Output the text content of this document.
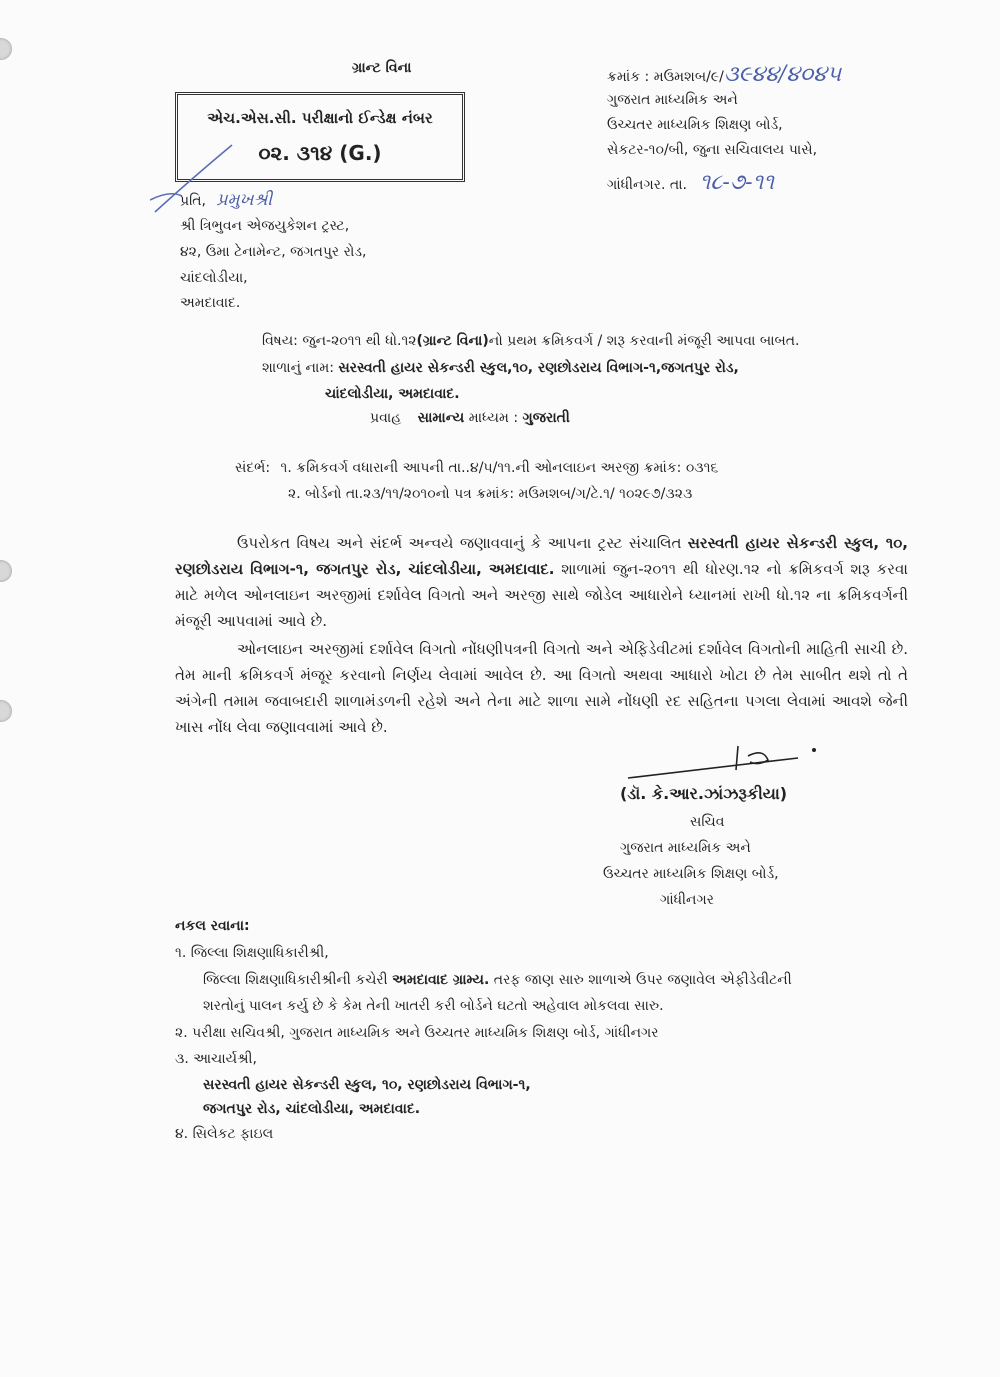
ગ્રાન્ટ વિના
એચ.એસ.સી. પરીક્ષાનો ઈન્ડેક્ષ નંબર
૦૨. ૩૧૪ (G.)
ક્રમાંક : મઉમશબ/૯/૩૯૪૪/૪૦૪૫
ગુજરાત માધ્યમિક અને
ઉચ્ચતર માધ્યમિક શિક્ષણ બોર્ડ,
સેકટર-૧૦/બી, જુના સચિવાલય પાસે,
ગાંધીનગર. તા. ૧૮-૭-૧૧
પ્રતિ, પ્રમુખશ્રી
શ્રી ત્રિભુવન એજયુકેશન ટ્રસ્ટ,
૪૨, ઉમા ટેનામેન્ટ, જગતપુર રોડ,
ચાંદલોડીયા,
અમદાવાદ.
વિષય: જુન-૨૦૧૧ થી ધો.૧૨(ગ્રાન્ટ વિના)નો પ્રથમ ક્રમિકવર્ગ / શરૂ કરવાની મંજૂરી આપવા બાબત.
શાળાનું નામ: સરસ્વતી હાયર સેકન્ડરી સ્કુલ,૧૦, રણછોડરાય વિભાગ-૧,જગતપુર રોડ,
ચાંદલોડીયા, અમદાવાદ.
પ્રવાહ સામાન્ય માધ્યમ : ગુજરાતી
સંદર્ભ: ૧. ક્રમિકવર્ગ વધારાની આપની તા..૪/૫/૧૧.ની ઓનલાઇન અરજી ક્રમાંક: ૦૩૧૬
૨. બોર્ડનો તા.૨૩/૧૧/૨૦૧૦નો પત્ર ક્રમાંક: મઉમશબ/ગ/ટે.૧/ ૧૦૨૯૭/૩૨૩
ઉપરોકત વિષય અને સંદર્ભ અન્વયે જણાવવાનું કે આપના ટ્રસ્ટ સંચાલિત સરસ્વતી હાયર સેકન્ડરી સ્કુલ, ૧૦, રણછોડરાય વિભાગ-૧, જગતપુર રોડ, ચાંદલોડીયા, અમદાવાદ. શાળામાં જુન-૨૦૧૧ થી ધોરણ.૧૨ નો ક્રમિકવર્ગ શરૂ કરવા માટે મળેલ ઓનલાઇન અરજીમાં દર્શાવેલ વિગતો અને અરજી સાથે જોડેલ આધારોને ધ્યાનમાં રાખી ધો.૧૨ ના ક્રમિકવર્ગની મંજૂરી આપવામાં આવે છે.
ઓનલાઇન અરજીમાં દર્શાવેલ વિગતો નોંધણીપત્રની વિગતો અને એફિડેવીટમાં દર્શાવેલ વિગતોની માહિતી સાચી છે. તેમ માની ક્રમિકવર્ગ મંજૂર કરવાનો નિર્ણય લેવામાં આવેલ છે. આ વિગતો અથવા આધારો ખોટા છે તેમ સાબીત થશે તો તે અંગેની તમામ જવાબદારી શાળામંડળની રહેશે અને તેના માટે શાળા સામે નોંધણી રદ સહિતના પગલા લેવામાં આવશે જેની ખાસ નોંધ લેવા જણાવવામાં આવે છે.
(ડૉ. કે.આર.ઝાંઝરૂકીયા)
સચિવ
ગુજરાત માધ્યમિક અને
ઉચ્ચતર માધ્યમિક શિક્ષણ બોર્ડ,
ગાંધીનગર
નકલ રવાના:
૧. જિલ્લા શિક્ષણાધિકારીશ્રી,
જિલ્લા શિક્ષણાધિકારીશ્રીની કચેરી અમદાવાદ ગ્રામ્ય. તરફ જાણ સારુ શાળાએ ઉપર જણાવેલ એફીડેવીટની
શરતોનું પાલન કર્યુ છે કે કેમ તેની ખાતરી કરી બોર્ડને ઘટતો અહેવાલ મોકલવા સારુ.
૨. પરીક્ષા સચિવશ્રી, ગુજરાત માધ્યમિક અને ઉચ્ચતર માધ્યમિક શિક્ષણ બોર્ડ, ગાંધીનગર
૩. આચાર્યશ્રી,
સરસ્વતી હાયર સેકન્ડરી સ્કુલ, ૧૦, રણછોડરાય વિભાગ-૧,
જગતપુર રોડ, ચાંદલોડીયા, અમદાવાદ.
૪. સિલેકટ ફાઇલ
